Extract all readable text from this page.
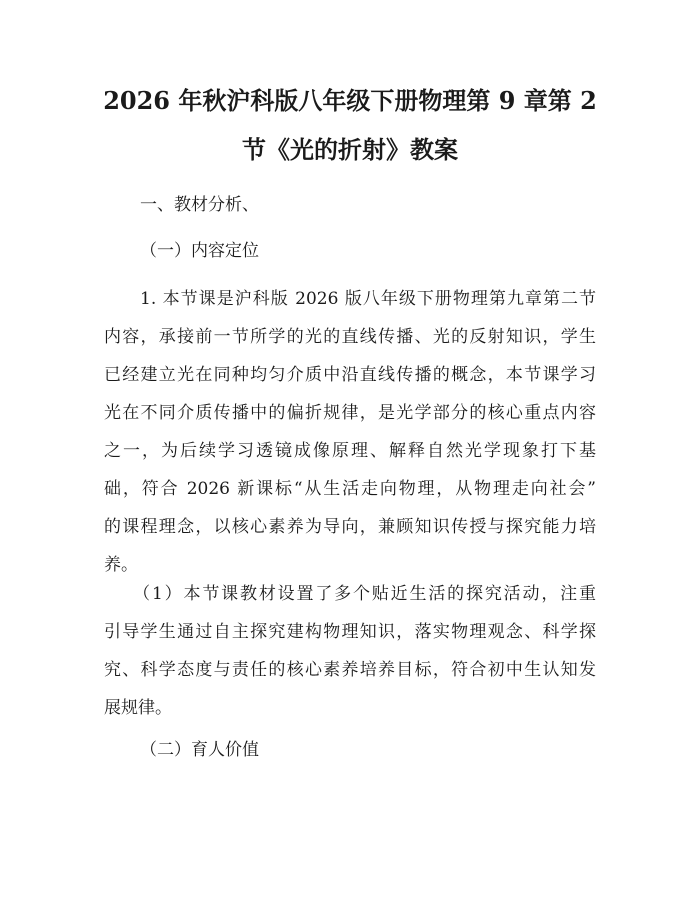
2026 年秋沪科版八年级下册物理第 9 章第 2
节《光的折射》教案
一、教材分析、
（一）内容定位
　　1. 本节课是沪科版 2026 版八年级下册物理第九章第二节
内容，承接前一节所学的光的直线传播、光的反射知识，学生
已经建立光在同种均匀介质中沿直线传播的概念，本节课学习
光在不同介质传播中的偏折规律，是光学部分的核心重点内容
之一，为后续学习透镜成像原理、解释自然光学现象打下基
础，符合 2026 新课标“从生活走向物理，从物理走向社会”
的课程理念，以核心素养为导向，兼顾知识传授与探究能力培
养。
　　（1）本节课教材设置了多个贴近生活的探究活动，注重
引导学生通过自主探究建构物理知识，落实物理观念、科学探
究、科学态度与责任的核心素养培养目标，符合初中生认知发
展规律。
（二）育人价值
